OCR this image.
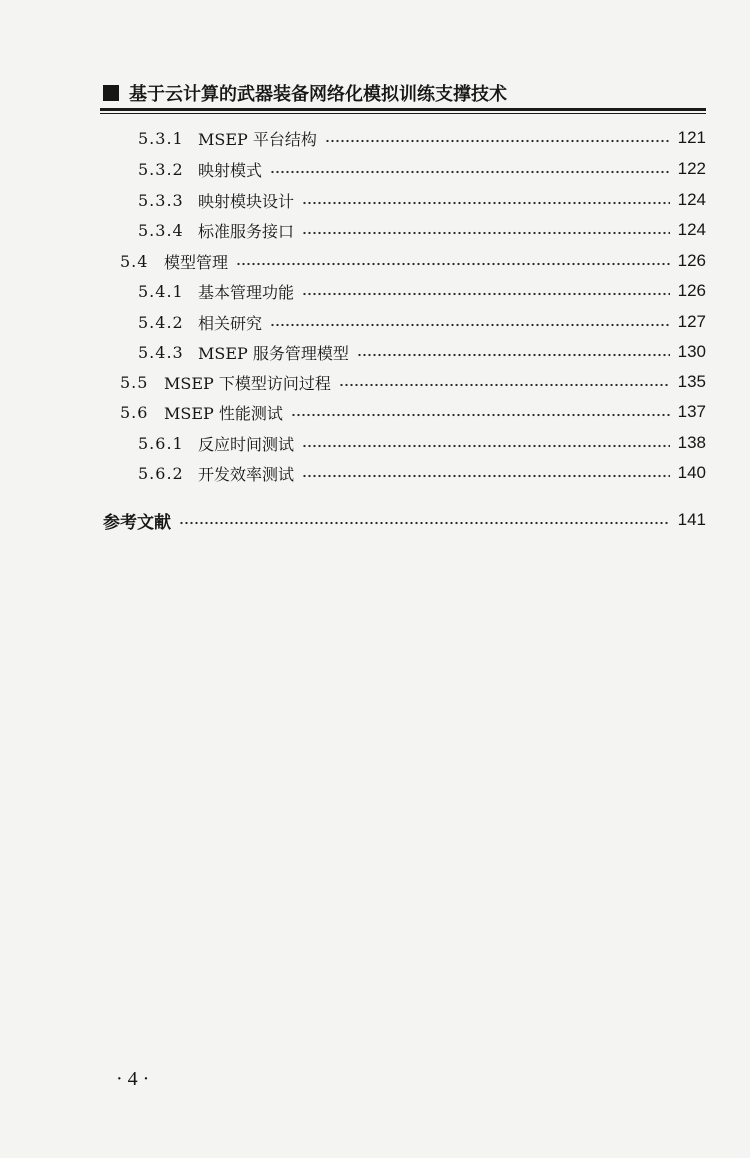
基于云计算的武器装备网络化模拟训练支撑技术
5.3.1 MSEP 平台结构	121
5.3.2 映射模式	122
5.3.3 映射模块设计	124
5.3.4 标准服务接口	124
5.4 模型管理	126
5.4.1 基本管理功能	126
5.4.2 相关研究	127
5.4.3 MSEP 服务管理模型	130
5.5 MSEP 下模型访问过程	135
5.6 MSEP 性能测试	137
5.6.1 反应时间测试	138
5.6.2 开发效率测试	140
参考文献	141
· 4 ·
